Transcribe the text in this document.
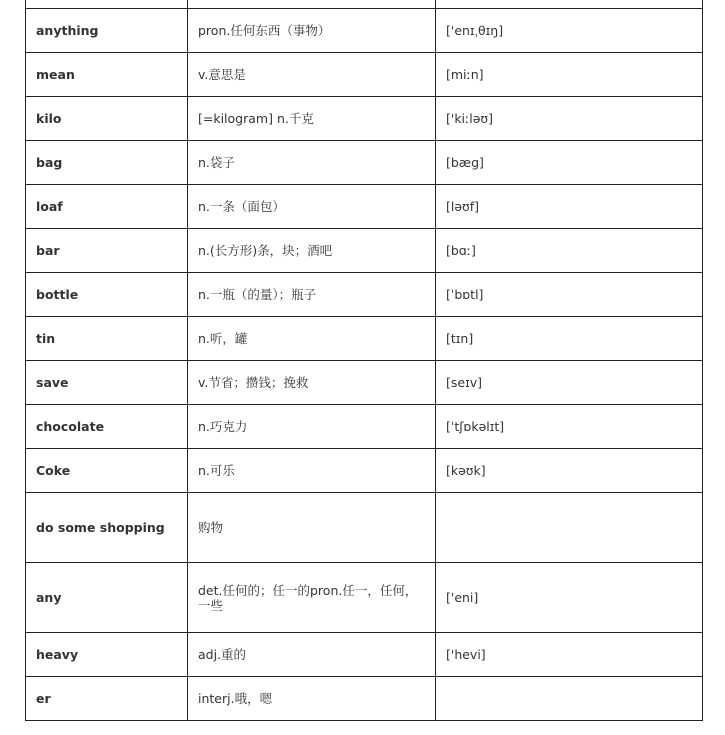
anything	pron.任何东西（事物）	['enɪˌθɪŋ]
mean	v.意思是	[miːn]
kilo	[=kilogram] n.千克	['kiːləʊ]
bag	n.袋子	[bæg]
loaf	n.一条（面包）	[ləʊf]
bar	n.(长方形)条，块；酒吧	[bɑː]
bottle	n.一瓶（的量）；瓶子	[ˈbɒtl]
tin	n.听，罐	[tɪn]
save	v.节省；攒钱；挽救	[seɪv]
chocolate	n.巧克力	[ˈtʃɒkəlɪt]
Coke	n.可乐	[kəʊk]
do some shopping	购物	
any	det.任何的；任一的pron.任一，任何，一些	['eni]
heavy	adj.重的	['hevi]
er	interj.哦，嗯	
